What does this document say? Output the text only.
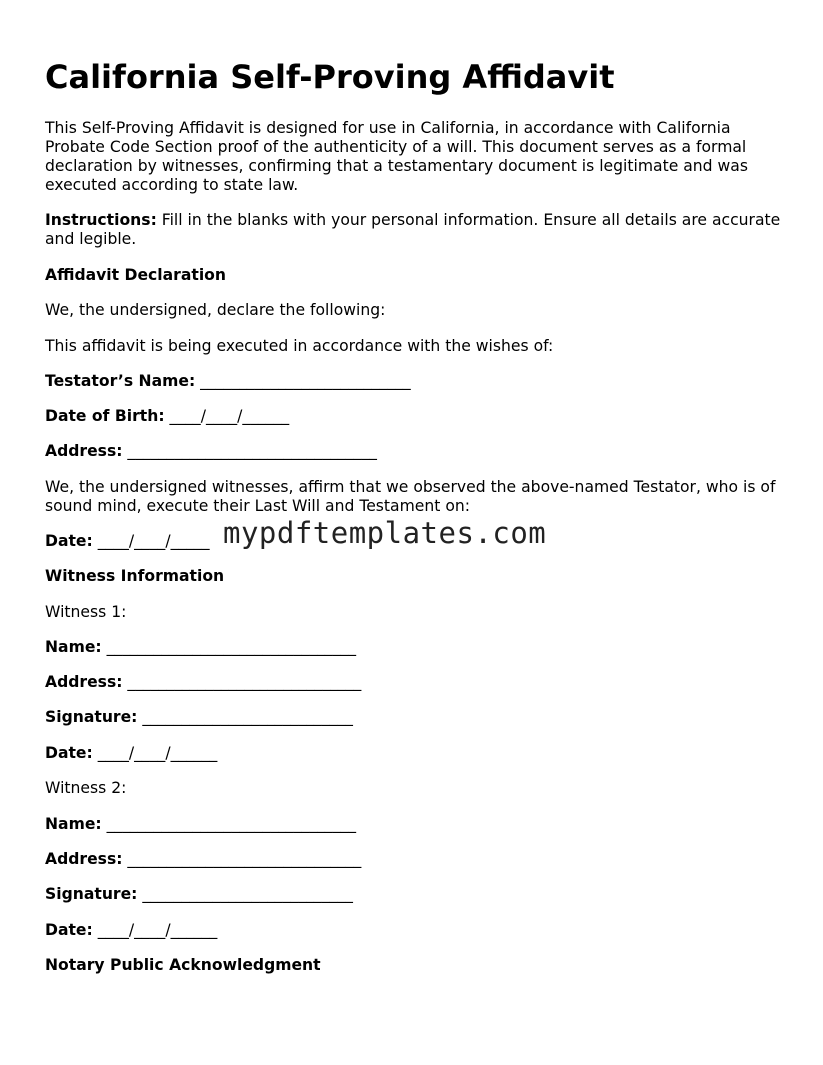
California Self-Proving Affidavit

This Self-Proving Affidavit is designed for use in California, in accordance with California Probate Code Section proof of the authenticity of a will. This document serves as a formal declaration by witnesses, confirming that a testamentary document is legitimate and was executed according to state law.

Instructions: Fill in the blanks with your personal information. Ensure all details are accurate and legible.

Affidavit Declaration

We, the undersigned, declare the following:

This affidavit is being executed in accordance with the wishes of:

Testator’s Name: ___________________________

Date of Birth: ____/____/______

Address: ________________________________

We, the undersigned witnesses, affirm that we observed the above-named Testator, who is of sound mind, execute their Last Will and Testament on:

Date: ____/____/_____

Witness Information

Witness 1:

Name: ________________________________

Address: ______________________________

Signature: ___________________________

Date: ____/____/______

Witness 2:

Name: ________________________________

Address: ______________________________

Signature: ___________________________

Date: ____/____/______

Notary Public Acknowledgment

mypdftemplates.com
